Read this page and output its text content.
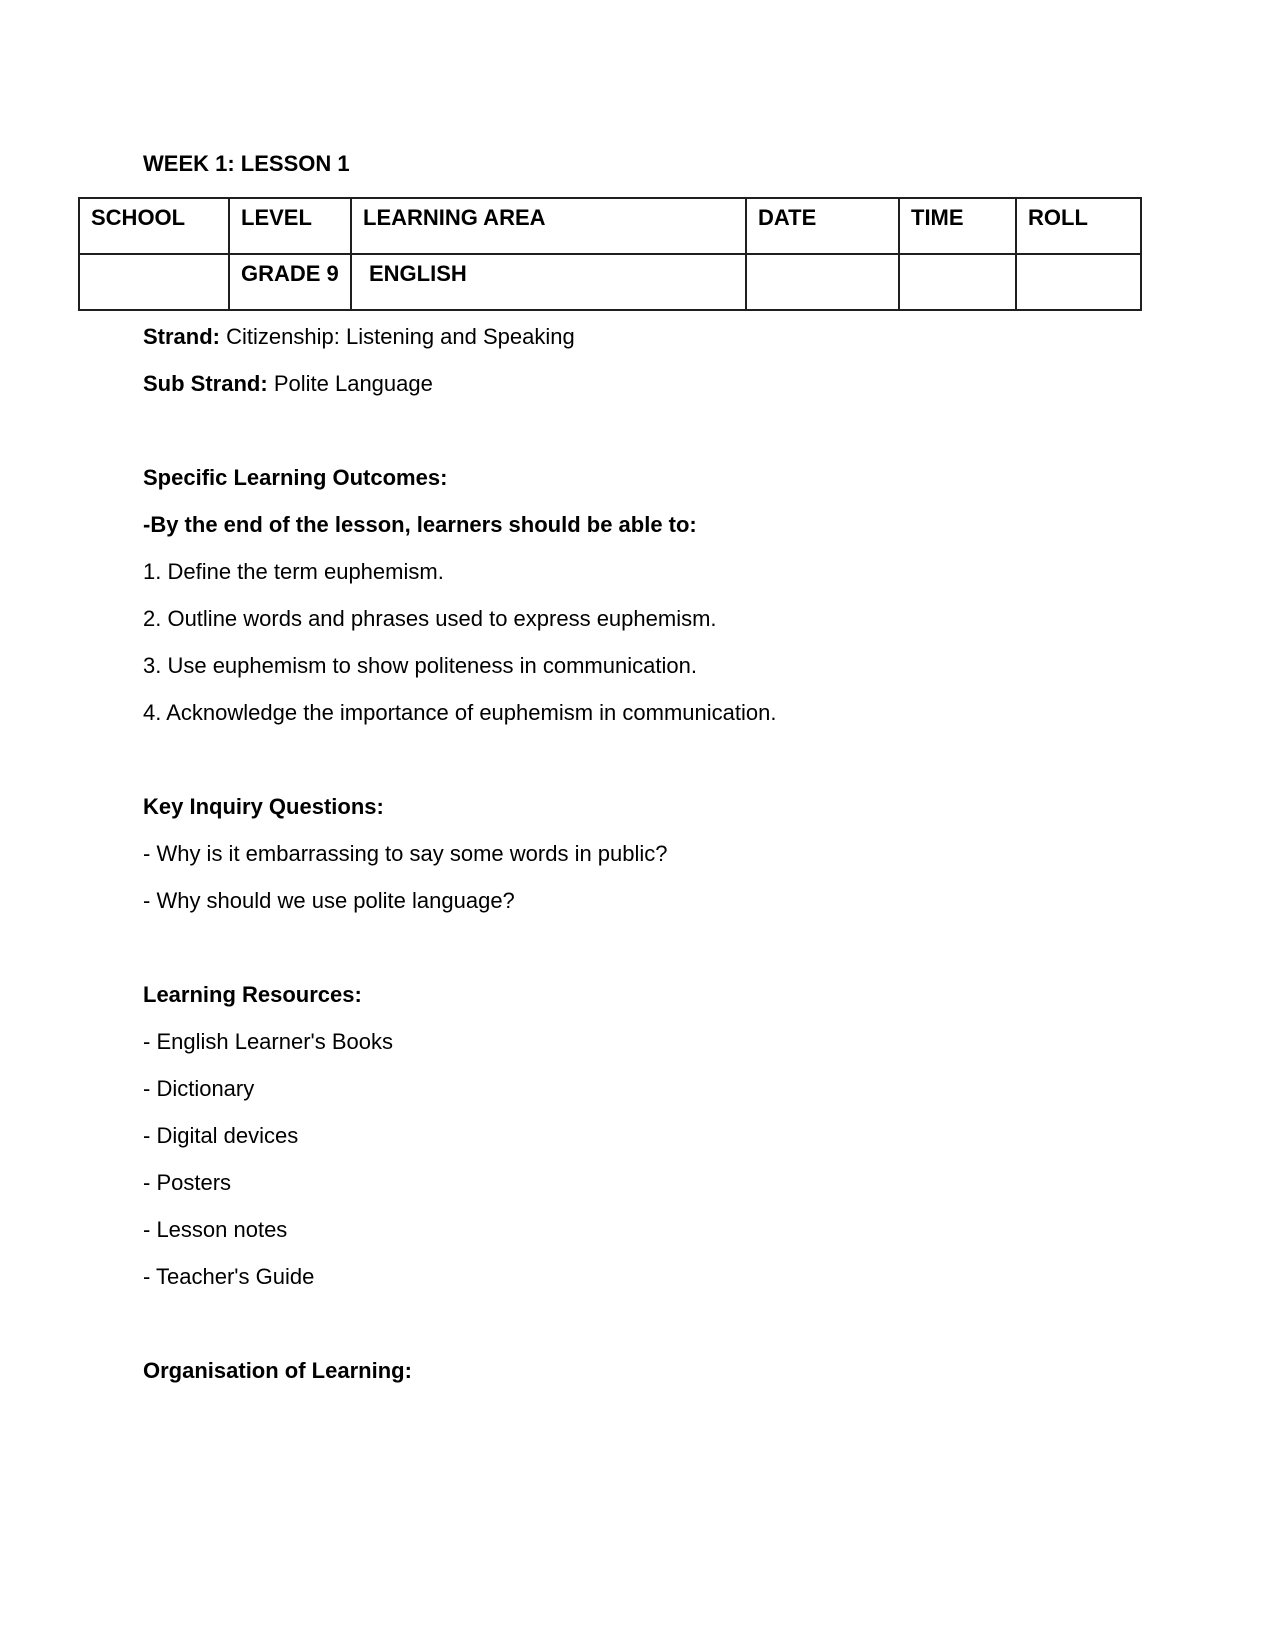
WEEK 1: LESSON 1

SCHOOL	LEVEL	LEARNING AREA	DATE	TIME	ROLL
	GRADE 9	ENGLISH			

Strand: Citizenship: Listening and Speaking

Sub Strand: Polite Language

Specific Learning Outcomes:

-By the end of the lesson, learners should be able to:

1. Define the term euphemism.

2. Outline words and phrases used to express euphemism.

3. Use euphemism to show politeness in communication.

4. Acknowledge the importance of euphemism in communication.

Key Inquiry Questions:

- Why is it embarrassing to say some words in public?

- Why should we use polite language?

Learning Resources:

- English Learner's Books

- Dictionary

- Digital devices

- Posters

- Lesson notes

- Teacher's Guide

Organisation of Learning:
